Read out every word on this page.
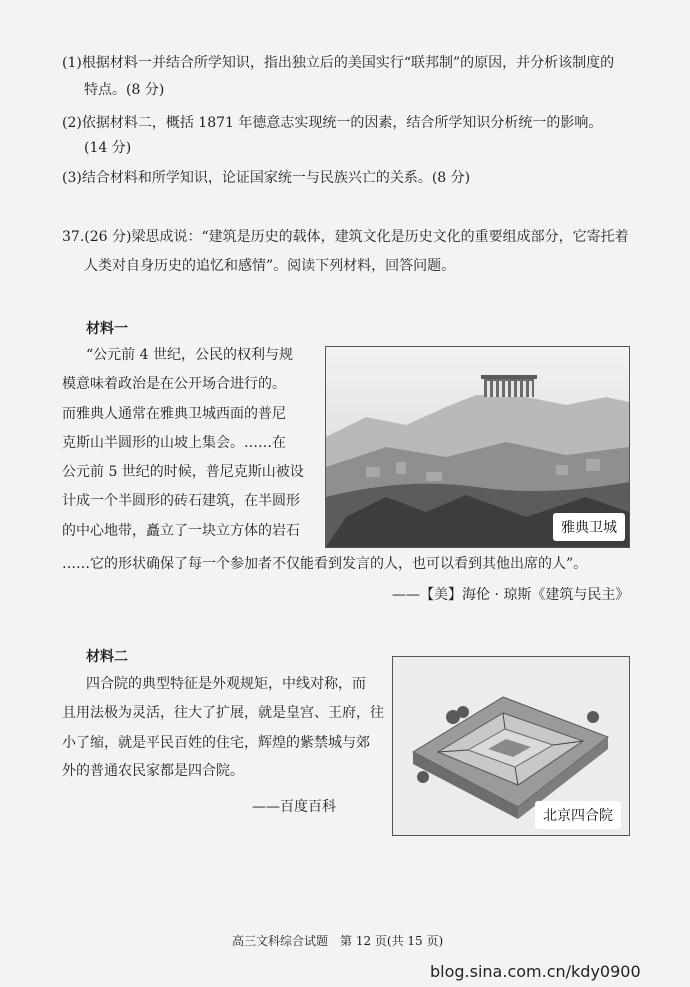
(1)根据材料一并结合所学知识，指出独立后的美国实行“联邦制”的原因，并分析该制度的
特点。(8 分)
(2)依据材料二，概括 1871 年德意志实现统一的因素，结合所学知识分析统一的影响。
(14 分)
(3)结合材料和所学知识，论证国家统一与民族兴亡的关系。(8 分)
37.(26 分)梁思成说：“建筑是历史的载体，建筑文化是历史文化的重要组成部分，它寄托着
人类对自身历史的追忆和感情”。阅读下列材料，回答问题。
材料一
“公元前 4 世纪，公民的权利与规
模意味着政治是在公开场合进行的。
而雅典人通常在雅典卫城西面的普尼
克斯山半圆形的山坡上集会。……在
公元前 5 世纪的时候，普尼克斯山被设
计成一个半圆形的砖石建筑，在半圆形
的中心地带，矗立了一块立方体的岩石
……它的形状确保了每一个参加者不仅能看到发言的人，也可以看到其他出席的人”。
——【美】海伦 · 琼斯《建筑与民主》
雅典卫城
材料二
四合院的典型特征是外观规矩，中线对称，而
且用法极为灵活，往大了扩展，就是皇宫、王府，往
小了缩，就是平民百姓的住宅，辉煌的紫禁城与郊
外的普通农民家都是四合院。
——百度百科
北京四合院
高三文科综合试题　第 12 页(共 15 页)
blog.sina.com.cn/kdy0900
